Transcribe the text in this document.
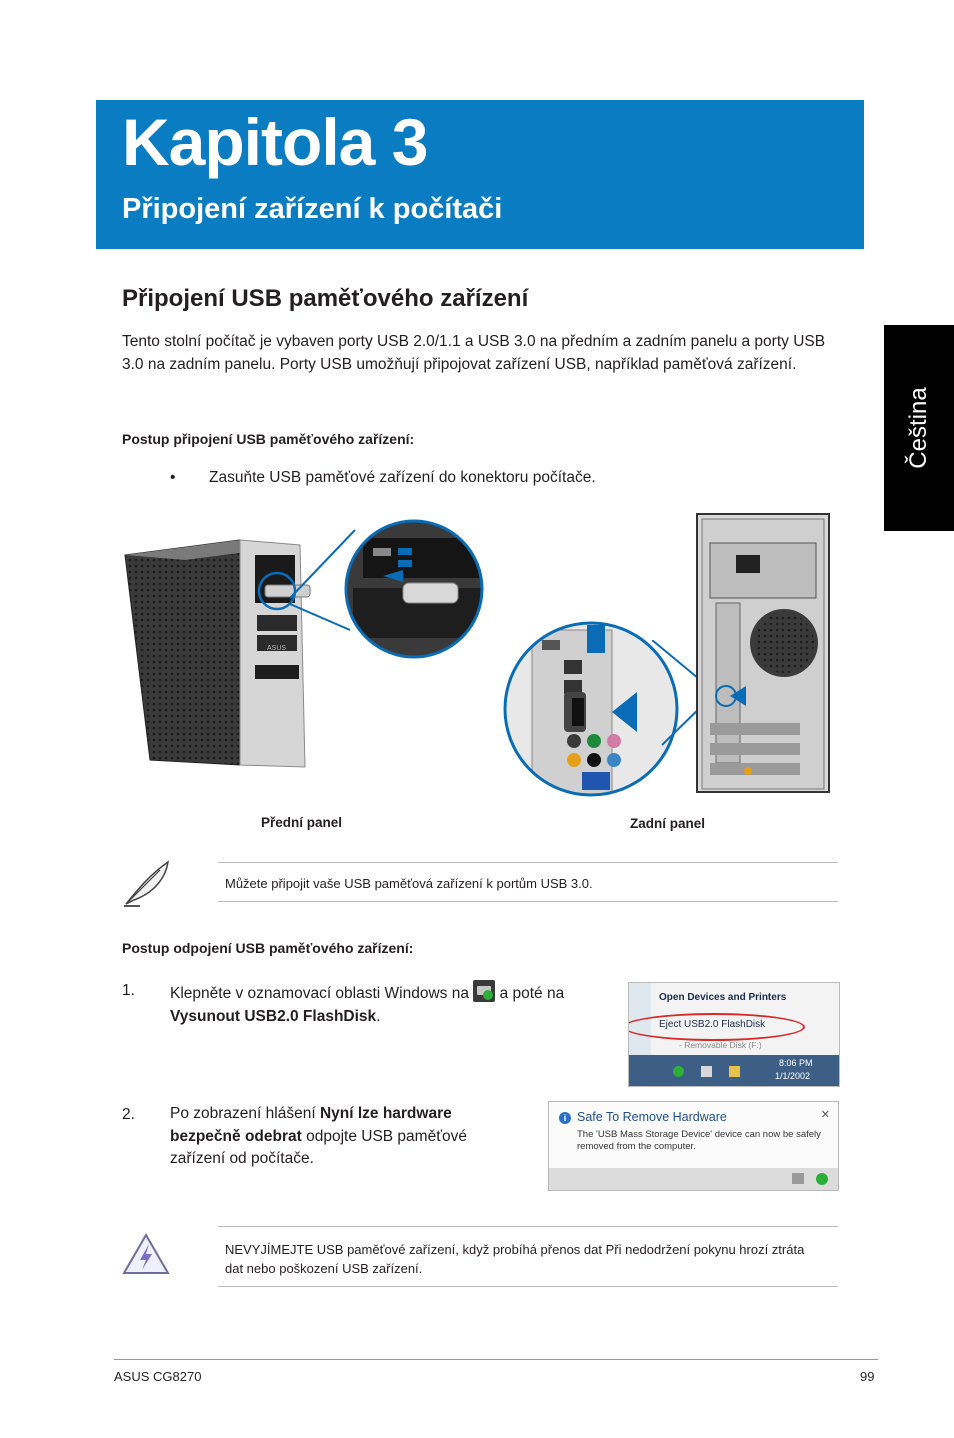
Kapitola 3
Připojení zařízení k počítači
Čeština
Připojení USB paměťového zařízení
Tento stolní počítač je vybaven porty USB 2.0/1.1 a USB 3.0 na předním a zadním panelu a porty USB 3.0 na zadním panelu. Porty USB umožňují připojovat zařízení USB, například paměťová zařízení.
Postup připojení USB paměťového zařízení:
• Zasuňte USB paměťové zařízení do konektoru počítače.
ASUS
Přední panel	Zadní panel
Můžete připojit vaše USB paměťová zařízení k portům USB 3.0.
Postup odpojení USB paměťového zařízení:
1. Klepněte v oznamovací oblasti Windows na
a poté na
Vysunout USB2.0 FlashDisk.
Open Devices and Printers
Eject USB2.0 FlashDisk
- Removable Disk (F:)
8:06 PM
1/1/2002
2. Po zobrazení hlášení Nyní lze hardware bezpečně odebrat odpojte USB paměťové zařízení od počítače.
i Safe To Remove Hardware	✕
The 'USB Mass Storage Device' device can now be safely removed from the computer.
NEVYJÍMEJTE USB paměťové zařízení, když probíhá přenos dat Při nedodržení pokynu hrozí ztráta dat nebo poškození USB zařízení.
ASUS CG8270	99
